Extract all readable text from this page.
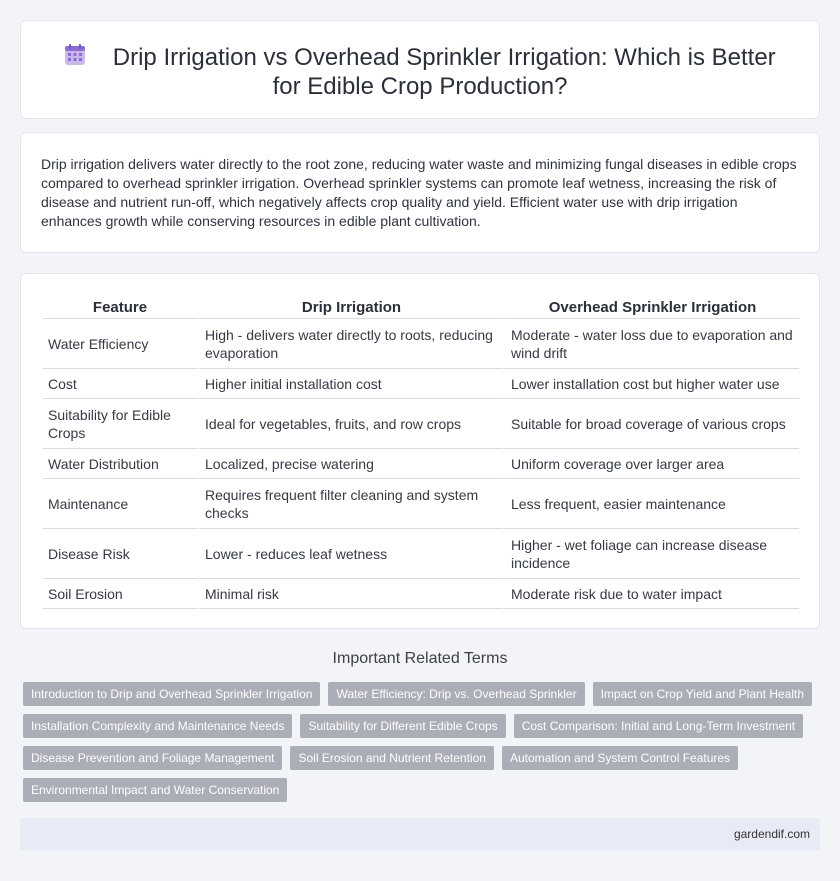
Drip Irrigation vs Overhead Sprinkler Irrigation: Which is Better for Edible Crop Production?

Drip irrigation delivers water directly to the root zone, reducing water waste and minimizing fungal diseases in edible crops compared to overhead sprinkler irrigation. Overhead sprinkler systems can promote leaf wetness, increasing the risk of disease and nutrient run-off, which negatively affects crop quality and yield. Efficient water use with drip irrigation enhances growth while conserving resources in edible plant cultivation.

Feature	Drip Irrigation	Overhead Sprinkler Irrigation
Water Efficiency	High - delivers water directly to roots, reducing evaporation	Moderate - water loss due to evaporation and wind drift
Cost	Higher initial installation cost	Lower installation cost but higher water use
Suitability for Edible Crops	Ideal for vegetables, fruits, and row crops	Suitable for broad coverage of various crops
Water Distribution	Localized, precise watering	Uniform coverage over larger area
Maintenance	Requires frequent filter cleaning and system checks	Less frequent, easier maintenance
Disease Risk	Lower - reduces leaf wetness	Higher - wet foliage can increase disease incidence
Soil Erosion	Minimal risk	Moderate risk due to water impact
Important Related Terms
Introduction to Drip and Overhead Sprinkler Irrigation	Water Efficiency: Drip vs. Overhead Sprinkler	Impact on Crop Yield and Plant Health
Installation Complexity and Maintenance Needs	Suitability for Different Edible Crops	Cost Comparison: Initial and Long-Term Investment
Disease Prevention and Foliage Management	Soil Erosion and Nutrient Retention	Automation and System Control Features
Environmental Impact and Water Conservation
gardendif.com
